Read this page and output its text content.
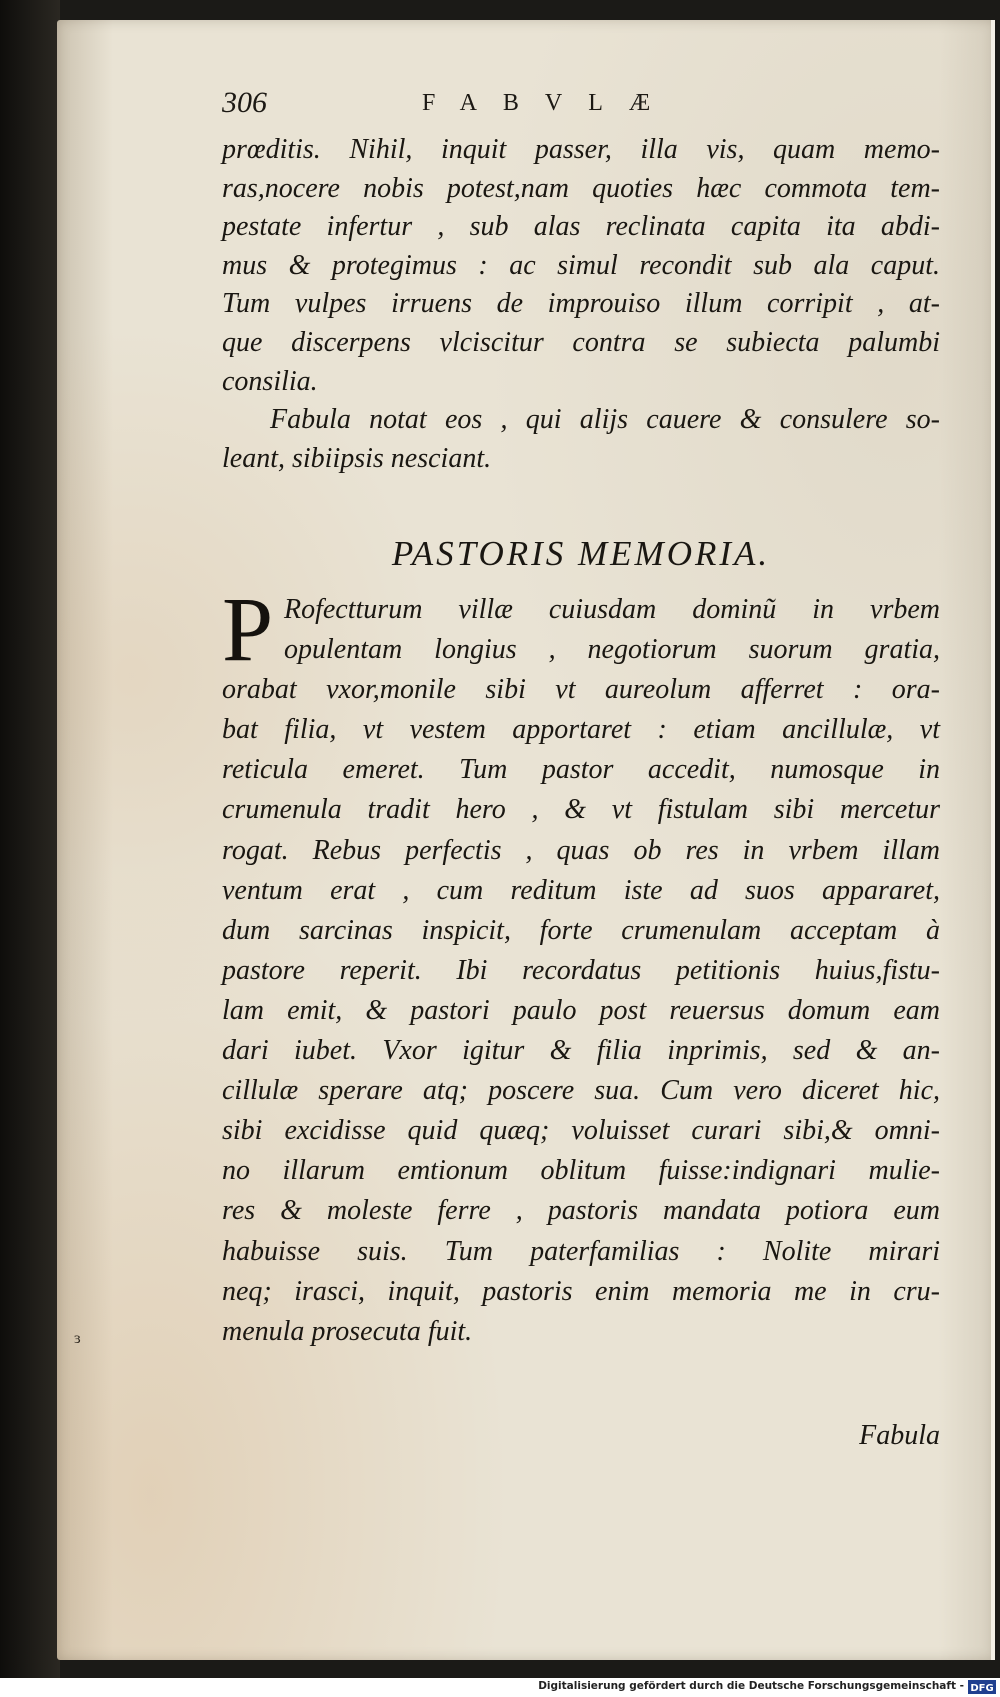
306	FABVLÆ
prœditis. Nihil, inquit passer, illa vis, quam memo-
ras,nocere nobis potest,nam quoties hæc commota tem-
pestate infertur , sub alas reclinata capita ita abdi-
mus & protegimus : ac simul recondit sub ala caput.
Tum vulpes irruens de improuiso illum corripit , at-
que discerpens vlciscitur contra se subiecta palumbi
consilia.
Fabula notat eos , qui alijs cauere & consulere so-
leant, sibiipsis nesciant.
PASTORIS MEMORIA.
P Rofectturum villæ cuiusdam dominũ in vrbem
opulentam longius , negotiorum suorum gratia,
orabat vxor,monile sibi vt aureolum afferret : ora-
bat filia, vt vestem apportaret : etiam ancillulæ, vt
reticula emeret. Tum pastor accedit, numosque in
crumenula tradit hero , & vt fistulam sibi mercetur
rogat. Rebus perfectis , quas ob res in vrbem illam
ventum erat , cum reditum iste ad suos appararet,
dum sarcinas inspicit, forte crumenulam acceptam à
pastore reperit. Ibi recordatus petitionis huius,fistu-
lam emit, & pastori paulo post reuersus domum eam
dari iubet. Vxor igitur & filia inprimis, sed & an-
cillulæ sperare atq; poscere sua. Cum vero diceret hic,
sibi excidisse quid quæq; voluisset curari sibi,& omni-
no illarum emtionum oblitum fuisse:indignari mulie-
res & moleste ferre , pastoris mandata potiora eum
habuisse suis. Tum paterfamilias : Nolite mirari
neq; irasci, inquit, pastoris enim memoria me in cru-
menula prosecuta fuit.
Fabula
ɜ
Digitalisierung gefördert durch die Deutsche Forschungsgemeinschaft - DFG
